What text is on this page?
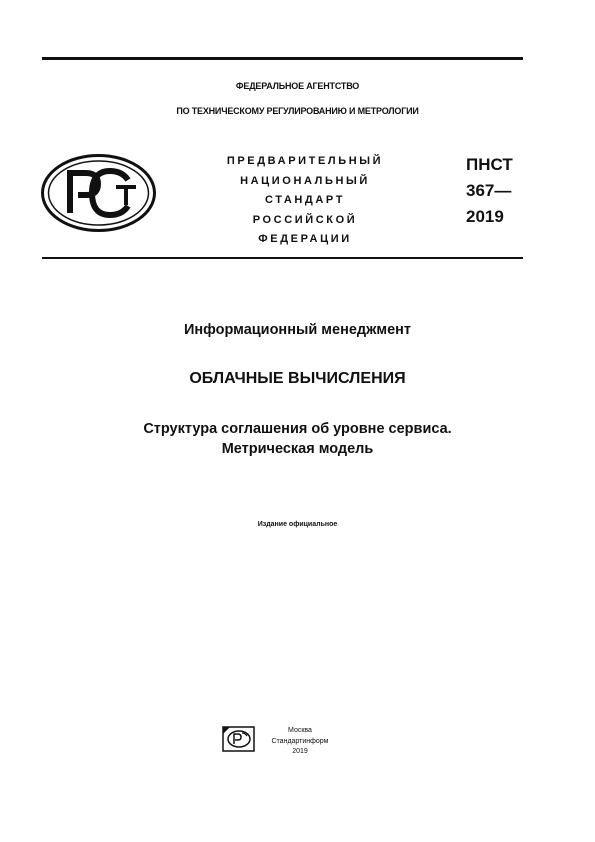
ФЕДЕРАЛЬНОЕ АГЕНТСТВО
ПО ТЕХНИЧЕСКОМУ РЕГУЛИРОВАНИЮ И МЕТРОЛОГИИ
ПРЕДВАРИТЕЛЬНЫЙ
НАЦИОНАЛЬНЫЙ
СТАНДАРТ
РОССИЙСКОЙ
ФЕДЕРАЦИИ
ПНСТ
367—
2019
Информационный менеджмент
ОБЛАЧНЫЕ ВЫЧИСЛЕНИЯ
Структура соглашения об уровне сервиса.
Метрическая модель
Издание официальное
Москва
Стандартинформ
2019
